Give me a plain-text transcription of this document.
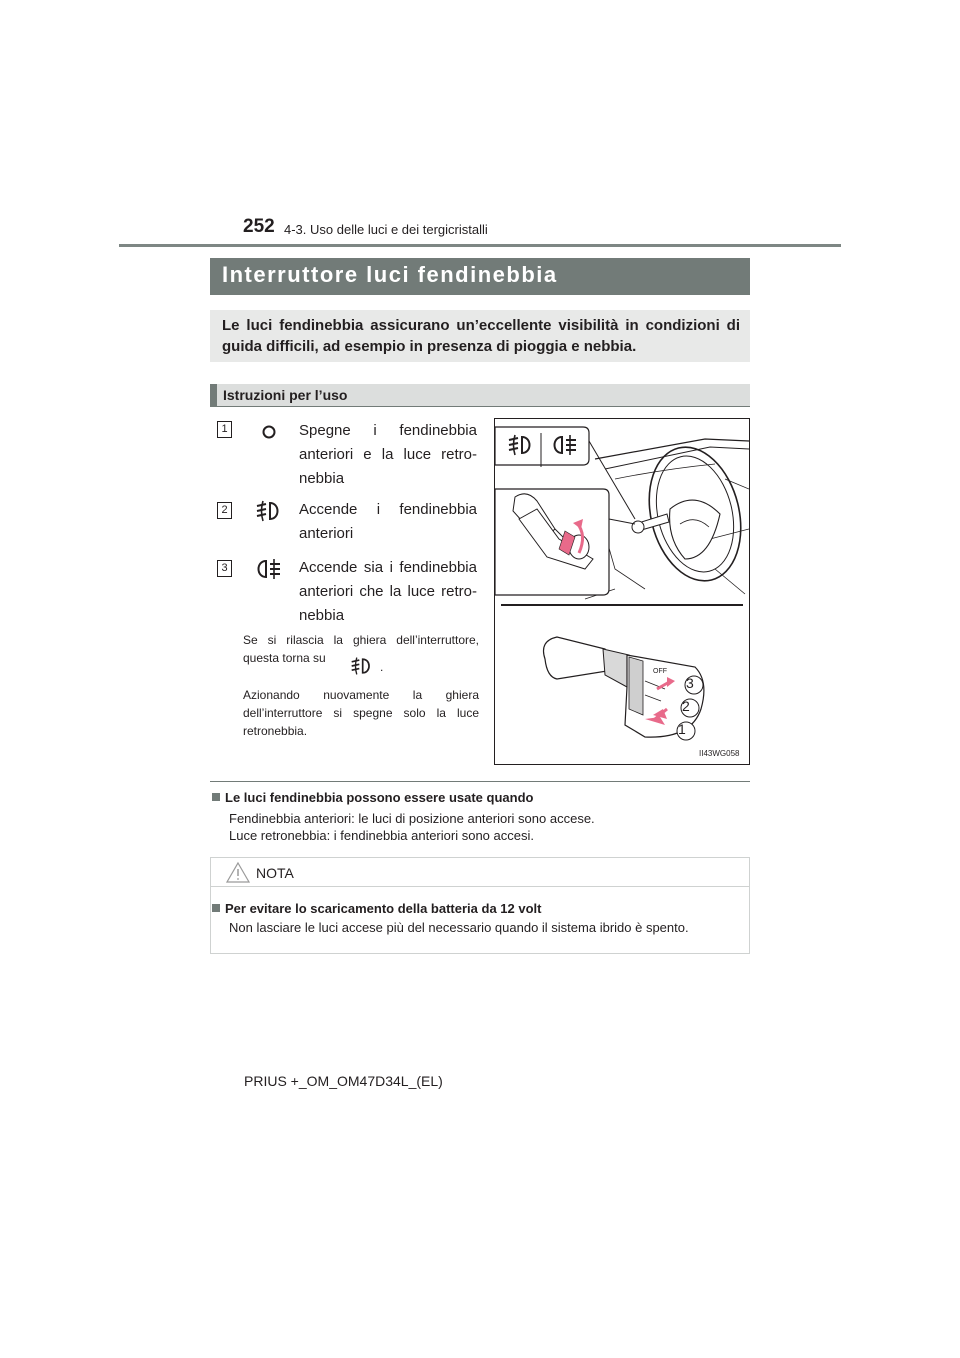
252 4-3. Uso delle luci e dei tergicristalli
Interruttore luci fendinebbia
Le luci fendinebbia assicurano un’eccellente visibilità in condizioni di guida difficili, ad esempio in presenza di pioggia e nebbia.
Istruzioni per l’uso
1	Spegne i fendinebbia anteriori e la luce retro-nebbia
2	Accende i fendinebbia anteriori
3	Accende sia i fendinebbia anteriori che la luce retro-nebbia
Se si rilascia la ghiera dell’interruttore, questa torna su
.
Azionando nuovamente la ghiera dell’interruttore si spegne solo la luce retronebbia.
OFF
3
2
1
II43WG058
Le luci fendinebbia possono essere usate quando
Fendinebbia anteriori: le luci di posizione anteriori sono accese.
Luce retronebbia: i fendinebbia anteriori sono accesi.
NOTA
Per evitare lo scaricamento della batteria da 12 volt
Non lasciare le luci accese più del necessario quando il sistema ibrido è spento.
PRIUS +_OM_OM47D34L_(EL)
